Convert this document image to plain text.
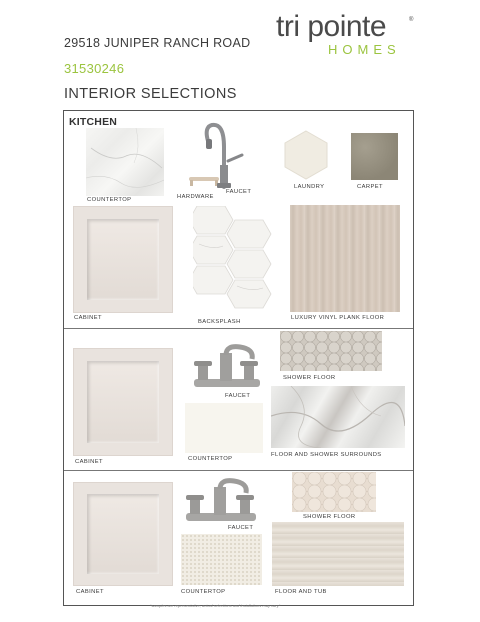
29518 JUNIPER RANCH ROAD
31530246
INTERIOR SELECTIONS
tri pointe	®
HOMES
KITCHEN
COUNTERTOP	HARDWARE
FAUCET
LAUNDRY	CARPET
CABINET
BACKSPLASH
LUXURY VINYL PLANK FLOOR
CABINET
FAUCET
SHOWER FLOOR
COUNTERTOP
FLOOR AND SHOWER SURROUNDS
CABINET
FAUCET
SHOWER FLOOR
COUNTERTOP	FLOOR AND TUB
*samples are representative; actual selections and installations may vary*
